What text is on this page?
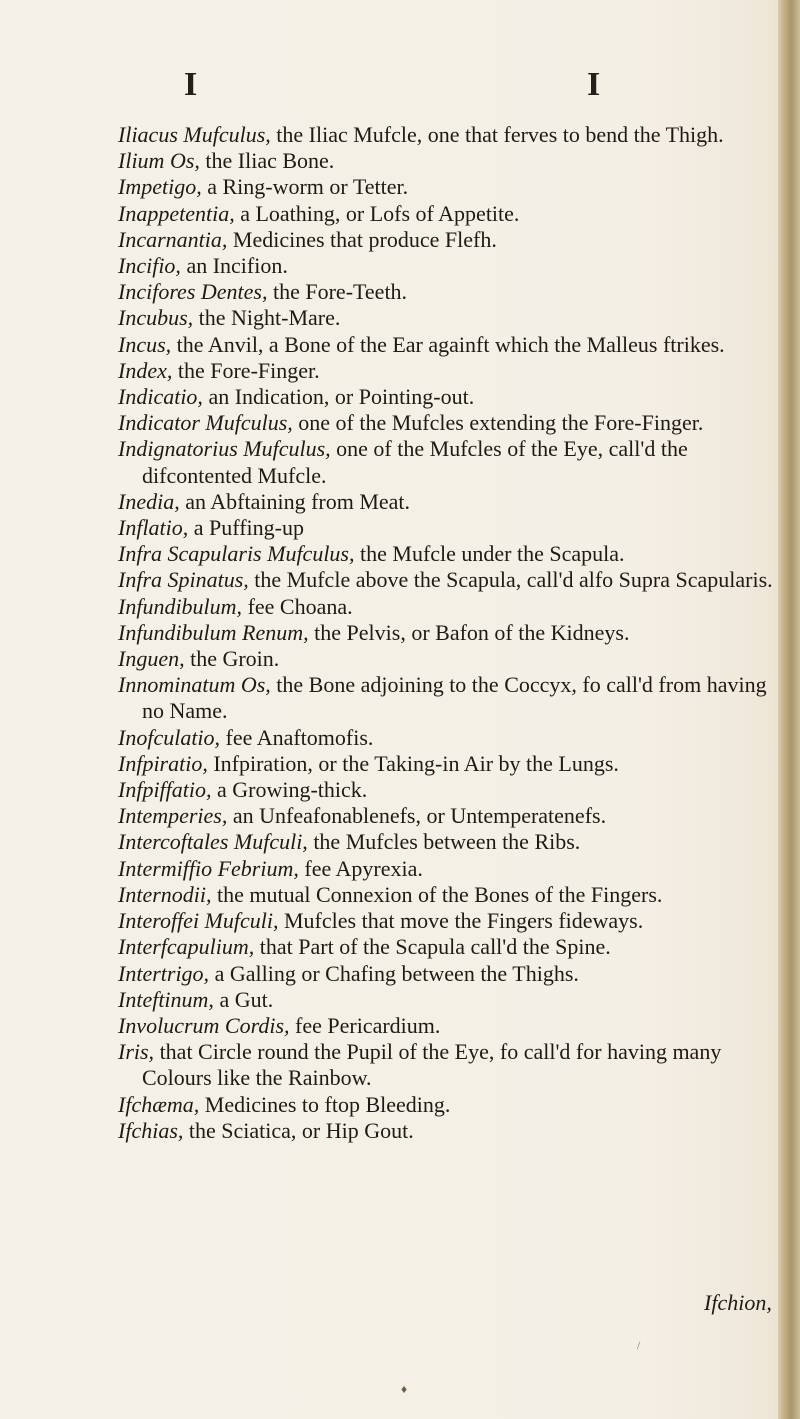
I	I

Iliacus Mufculus, the Iliac Mufcle, one that ferves to bend the Thigh.

Ilium Os, the Iliac Bone.

Impetigo, a Ring-worm or Tetter.

Inappetentia, a Loathing, or Lofs of Appetite.

Incarnantia, Medicines that produce Flefh.

Incifio, an Incifion.

Incifores Dentes, the Fore-Teeth.

Incubus, the Night-Mare.

Incus, the Anvil, a Bone of the Ear againft which the Malleus ftrikes.

Index, the Fore-Finger.

Indicatio, an Indication, or Pointing-out.

Indicator Mufculus, one of the Mufcles extending the Fore-Finger.

Indignatorius Mufculus, one of the Mufcles of the Eye, call'd the difcontented Mufcle.

Inedia, an Abftaining from Meat.

Inflatio, a Puffing-up

Infra Scapularis Mufculus, the Mufcle under the Scapula.

Infra Spinatus, the Mufcle above the Scapula, call'd alfo Supra Scapularis.

Infundibulum, fee Choana.

Infundibulum Renum, the Pelvis, or Bafon of the Kidneys.

Inguen, the Groin.

Innominatum Os, the Bone adjoining to the Coccyx, fo call'd from having no Name.

Inofculatio, fee Anaftomofis.

Infpiratio, Infpiration, or the Taking-in Air by the Lungs.

Infpiffatio, a Growing-thick.

Intemperies, an Unfeafonablenefs, or Untemperatenefs.

Intercoftales Mufculi, the Mufcles between the Ribs.

Intermiffio Febrium, fee Apyrexia.

Internodii, the mutual Connexion of the Bones of the Fingers.

Interoffei Mufculi, Mufcles that move the Fingers fideways.

Interfcapulium, that Part of the Scapula call'd the Spine.

Intertrigo, a Galling or Chafing between the Thighs.

Inteftinum, a Gut.

Involucrum Cordis, fee Pericardium.

Iris, that Circle round the Pupil of the Eye, fo call'd for having many Colours like the Rainbow.

Ifchæma, Medicines to ftop Bleeding.

Ifchias, the Sciatica, or Hip Gout.

/
Ifchion,
♦
